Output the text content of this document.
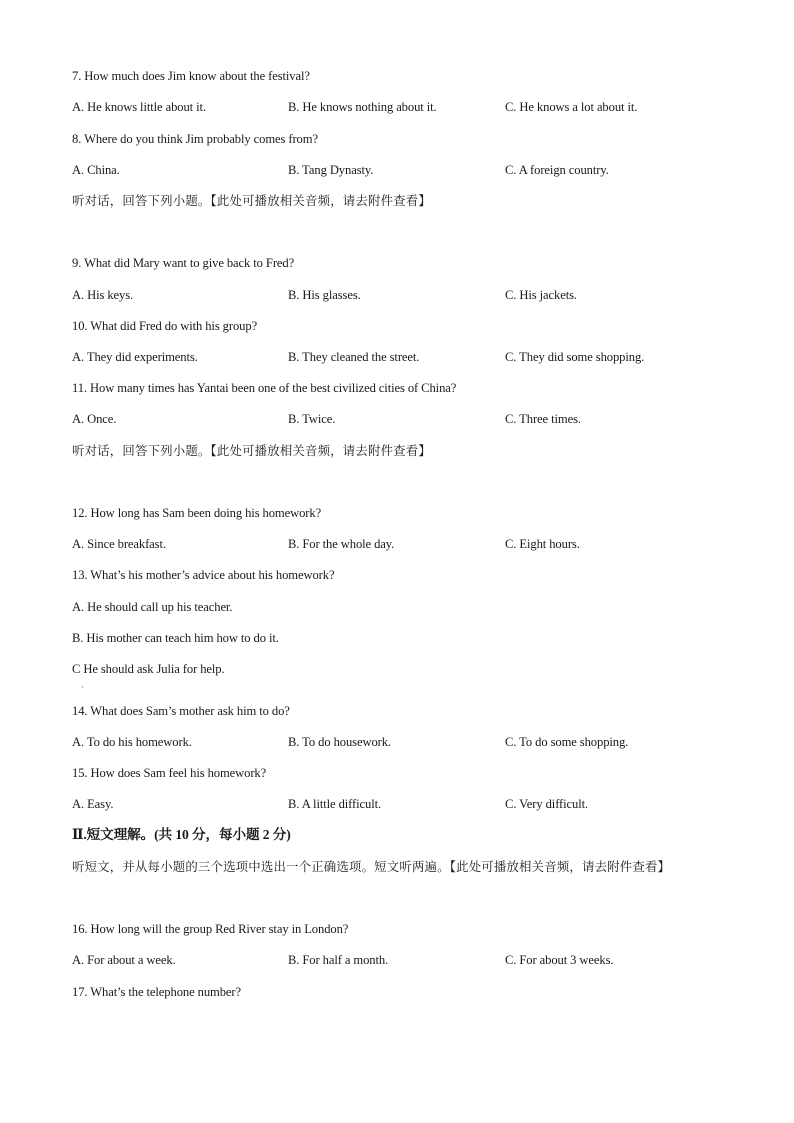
7. How much does Jim know about the festival?
A. He knows little about it.	B. He knows nothing about it.	C. He knows a lot about it.
8. Where do you think Jim probably comes from?
A. China.	B. Tang Dynasty.	C. A foreign country.
听对话，回答下列小题。【此处可播放相关音频，请去附件查看】
9. What did Mary want to give back to Fred?
A. His keys.	B. His glasses.	C. His jackets.
10. What did Fred do with his group?
A. They did experiments.	B. They cleaned the street.	C. They did some shopping.
11. How many times has Yantai been one of the best civilized cities of China?
A. Once.	B. Twice.	C. Three times.
听对话，回答下列小题。【此处可播放相关音频，请去附件查看】
12. How long has Sam been doing his homework?
A. Since breakfast.	B. For the whole day.	C. Eight hours.
13. What’s his mother’s advice about his homework?
A. He should call up his teacher.
B. His mother can teach him how to do it.
C He should ask Julia for help.
·
14. What does Sam’s mother ask him to do?
A. To do his homework.	B. To do housework.	C. To do some shopping.
15. How does Sam feel his homework?
A. Easy.	B. A little difficult.	C. Very difficult.
Ⅱ.短文理解。(共 10 分，每小题 2 分)
听短文，并从每小题的三个选项中选出一个正确选项。短文听两遍。【此处可播放相关音频，请去附件查看】
16. How long will the group Red River stay in London?
A. For about a week.	B. For half a month.	C. For about 3 weeks.
17. What’s the telephone number?
